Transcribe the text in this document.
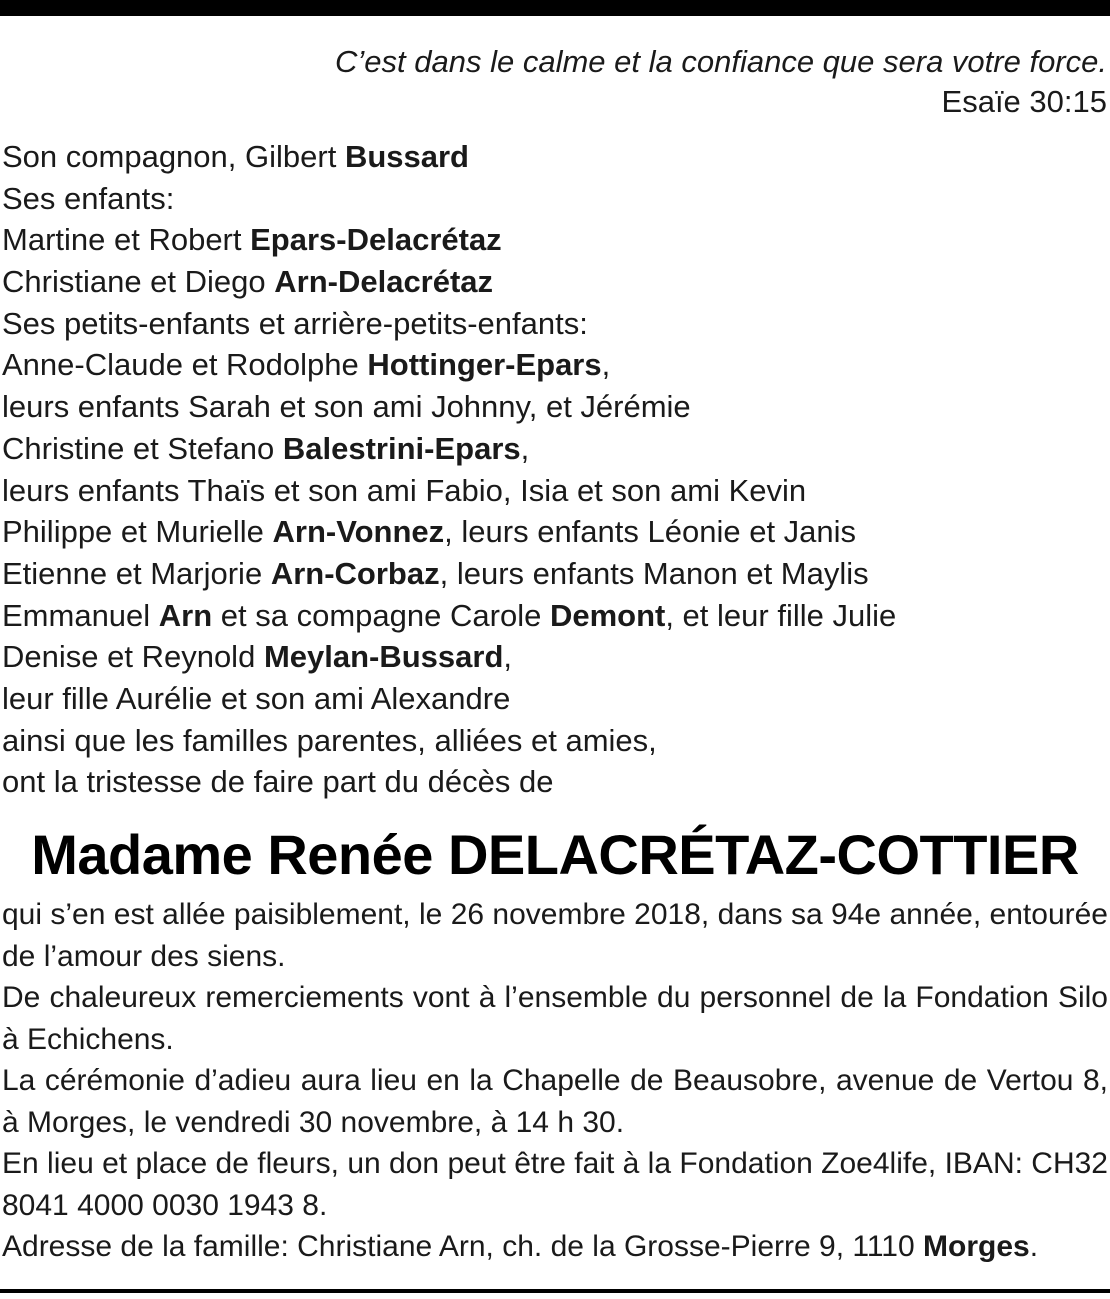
C’est dans le calme et la confiance que sera votre force.
Esaïe 30:15
Son compagnon, Gilbert Bussard
Ses enfants:
Martine et Robert Epars-Delacrétaz
Christiane et Diego Arn-Delacrétaz
Ses petits-enfants et arrière-petits-enfants:
Anne-Claude et Rodolphe Hottinger-Epars,
leurs enfants Sarah et son ami Johnny, et Jérémie
Christine et Stefano Balestrini-Epars,
leurs enfants Thaïs et son ami Fabio, Isia et son ami Kevin
Philippe et Murielle Arn-Vonnez, leurs enfants Léonie et Janis
Etienne et Marjorie Arn-Corbaz, leurs enfants Manon et Maylis
Emmanuel Arn et sa compagne Carole Demont, et leur fille Julie
Denise et Reynold Meylan-Bussard,
leur fille Aurélie et son ami Alexandre
ainsi que les familles parentes, alliées et amies,
ont la tristesse de faire part du décès de
Madame Renée DELACRÉTAZ-COTTIER

qui s’en est allée paisiblement, le 26 novembre 2018, dans sa 94e année, entourée de l’amour des siens.

De chaleureux remerciements vont à l’ensemble du personnel de la Fondation Silo à Echichens.

La cérémonie d’adieu aura lieu en la Chapelle de Beausobre, avenue de Vertou 8, à Morges, le vendredi 30 novembre, à 14 h 30.

En lieu et place de fleurs, un don peut être fait à la Fondation Zoe4life, IBAN: CH32 8041 4000 0030 1943 8.

Adresse de la famille: Christiane Arn, ch. de la Grosse-Pierre 9, 1110 Morges.
